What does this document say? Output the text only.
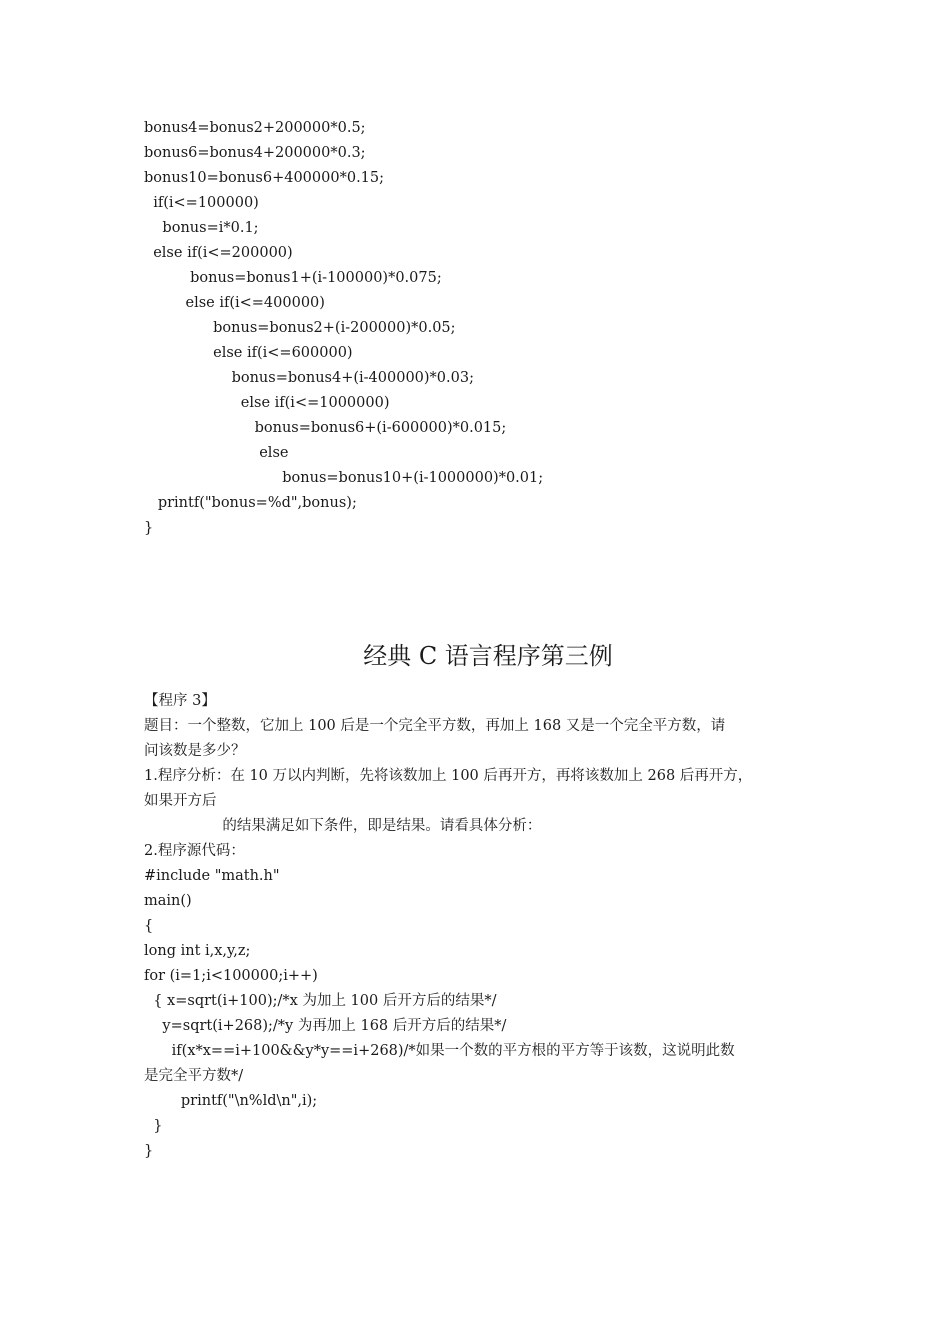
bonus4=bonus2+200000*0.5;
bonus6=bonus4+200000*0.3;
bonus10=bonus6+400000*0.15;
if(i<=100000)
bonus=i*0.1;
else if(i<=200000)
bonus=bonus1+(i-100000)*0.075;
else if(i<=400000)
bonus=bonus2+(i-200000)*0.05;
else if(i<=600000)
bonus=bonus4+(i-400000)*0.03;
else if(i<=1000000)
bonus=bonus6+(i-600000)*0.015;
else
bonus=bonus10+(i-1000000)*0.01;
printf("bonus=%d",bonus);
}
经典 C 语言程序第三例
【程序 3】
题目：一个整数，它加上 100 后是一个完全平方数，再加上 168 又是一个完全平方数，请
问该数是多少？
1.程序分析：在 10 万以内判断，先将该数加上 100 后再开方，再将该数加上 268 后再开方，
如果开方后
的结果满足如下条件，即是结果。请看具体分析：
2.程序源代码：
#include "math.h"
main()
{
long int i,x,y,z;
for (i=1;i<100000;i++)
{ x=sqrt(i+100);/*x 为加上 100 后开方后的结果*/
y=sqrt(i+268);/*y 为再加上 168 后开方后的结果*/
if(x*x==i+100&&y*y==i+268)/*如果一个数的平方根的平方等于该数，这说明此数
是完全平方数*/
printf("\n%ld\n",i);
}
}
